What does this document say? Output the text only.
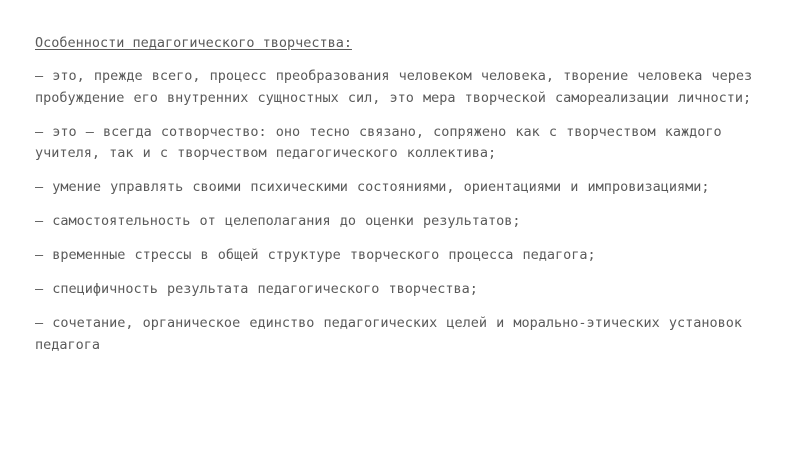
Особенности педагогического творчества:
– это, прежде всего, процесс преобразования человеком человека, творение человека через пробуждение его внутренних сущностных сил, это мера творческой самореализации личности;
– это – всегда сотворчество: оно тесно связано, сопряжено как с творчеством каждого учителя, так и с творчеством педагогического коллектива;
– умение управлять своими психическими состояниями, ориентациями и импровизациями;
– самостоятельность от целеполагания до оценки результатов;
– временные стрессы в общей структуре творческого процесса педагога;
– специфичность результата педагогического творчества;
– сочетание, органическое единство педагогических целей и морально-этических установок педагога
